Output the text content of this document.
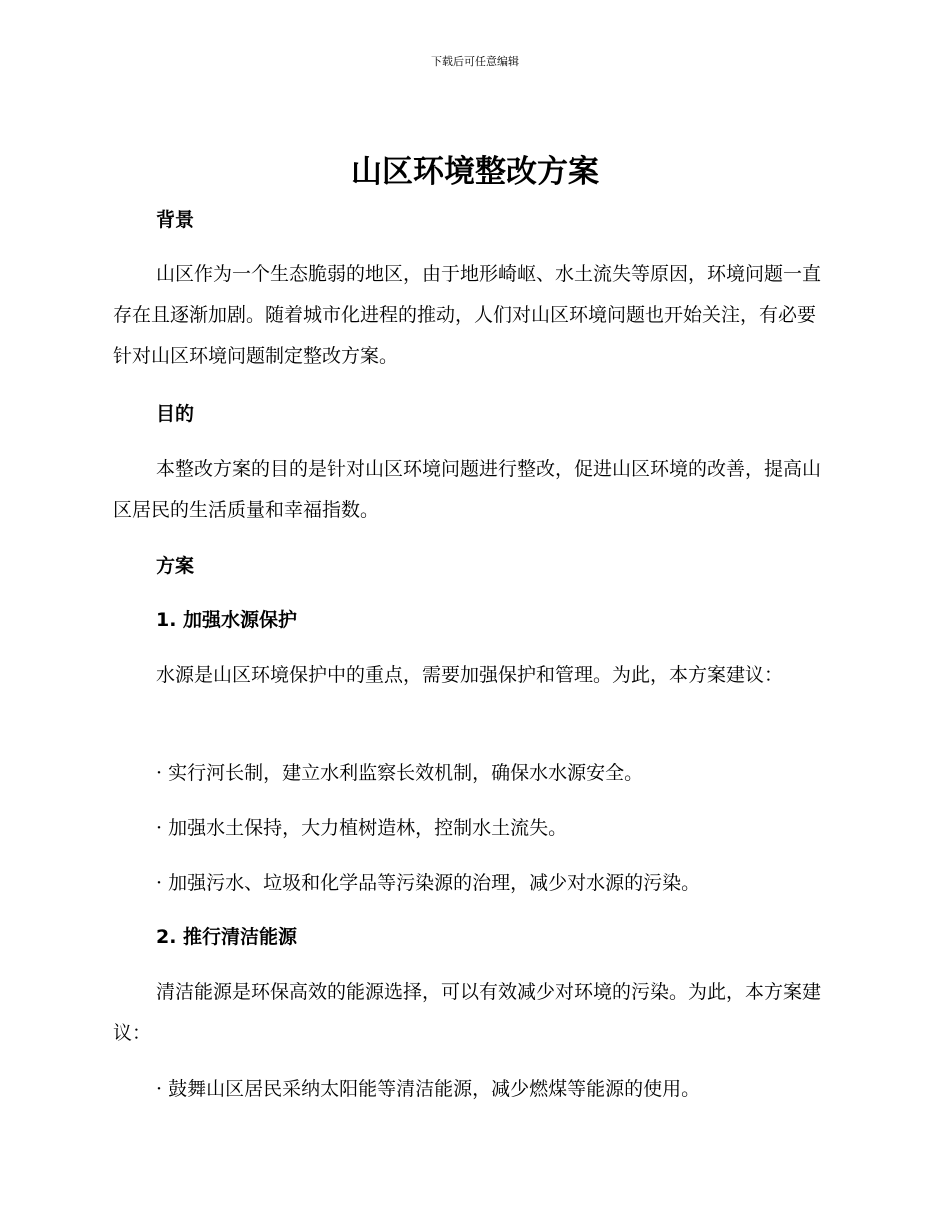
下载后可任意编辑
山区环境整改方案
背景

山区作为一个生态脆弱的地区，由于地形崎岖、水土流失等原因，环境问题一直存在且逐渐加剧。随着城市化进程的推动，人们对山区环境问题也开始关注，有必要针对山区环境问题制定整改方案。

目的

本整改方案的目的是针对山区环境问题进行整改，促进山区环境的改善，提高山区居民的生活质量和幸福指数。

方案
1. 加强水源保护

水源是山区环境保护中的重点，需要加强保护和管理。为此，本方案建议：

· 实行河长制，建立水利监察长效机制，确保水水源安全。

· 加强水土保持，大力植树造林，控制水土流失。

· 加强污水、垃圾和化学品等污染源的治理，减少对水源的污染。

2. 推行清洁能源

清洁能源是环保高效的能源选择，可以有效减少对环境的污染。为此，本方案建议：

· 鼓舞山区居民采纳太阳能等清洁能源，减少燃煤等能源的使用。
